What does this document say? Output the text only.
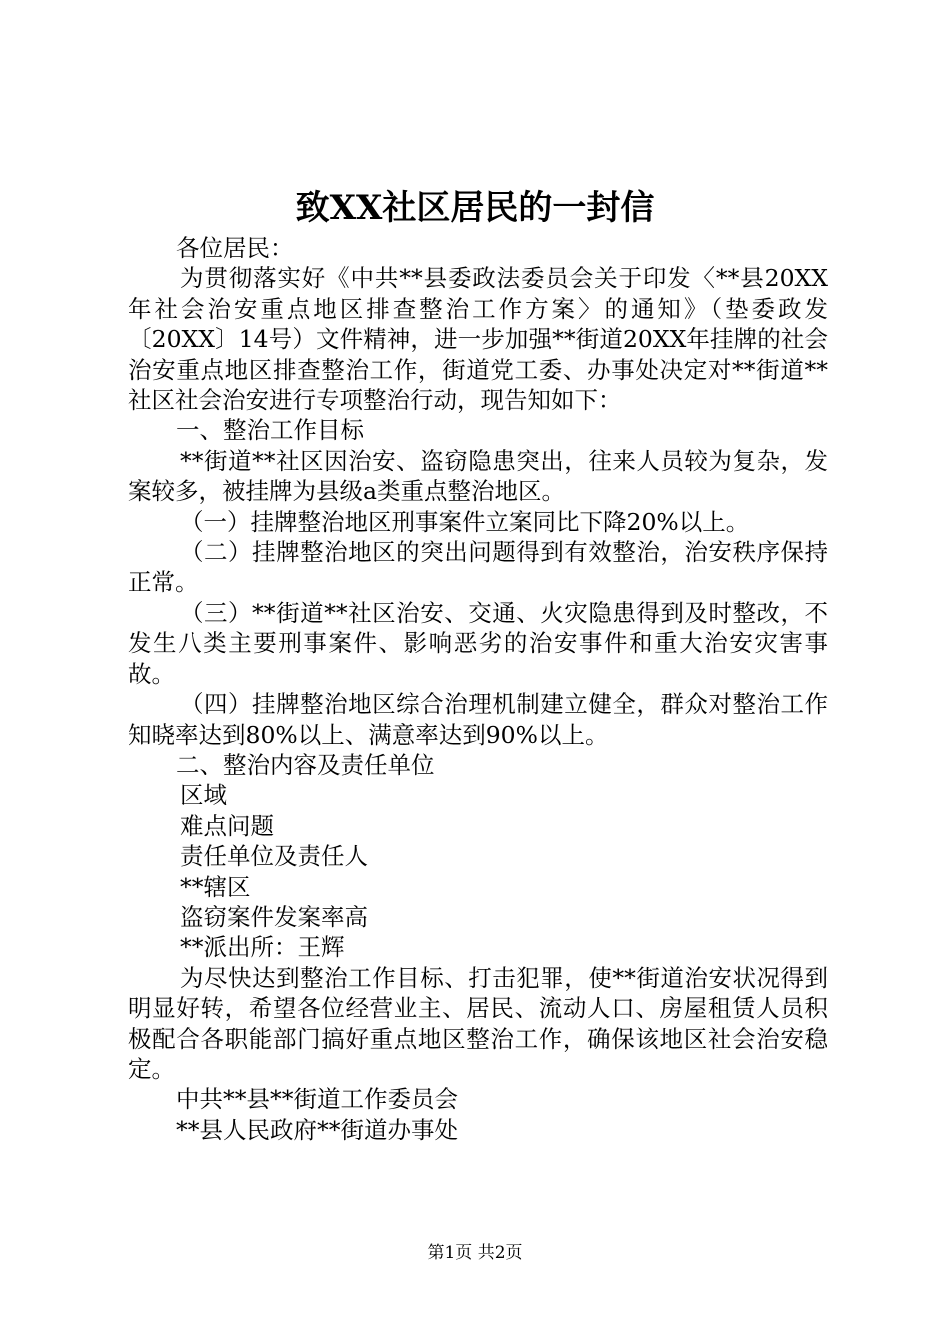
致XX社区居民的一封信

各位居民：

为贯彻落实好《中共**县委政法委员会关于印发〈**县20XX年社会治安重点地区排查整治工作方案〉的通知》（垫委政发〔20XX〕14号）文件精神，进一步加强**街道20XX年挂牌的社会治安重点地区排查整治工作，街道党工委、办事处决定对**街道**社区社会治安进行专项整治行动，现告知如下：

一、整治工作目标

**街道**社区因治安、盗窃隐患突出，往来人员较为复杂，发案较多，被挂牌为县级a类重点整治地区。

（一）挂牌整治地区刑事案件立案同比下降20%以上。

（二）挂牌整治地区的突出问题得到有效整治，治安秩序保持正常。

（三）**街道**社区治安、交通、火灾隐患得到及时整改，不发生八类主要刑事案件、影响恶劣的治安事件和重大治安灾害事故。

（四）挂牌整治地区综合治理机制建立健全，群众对整治工作知晓率达到80%以上、满意率达到90%以上。

二、整治内容及责任单位

区域

难点问题

责任单位及责任人

**辖区

盗窃案件发案率高

**派出所：王辉

为尽快达到整治工作目标、打击犯罪，使**街道治安状况得到明显好转，希望各位经营业主、居民、流动人口、房屋租赁人员积极配合各职能部门搞好重点地区整治工作，确保该地区社会治安稳定。

中共**县**街道工作委员会

**县人民政府**街道办事处

第1页 共2页
